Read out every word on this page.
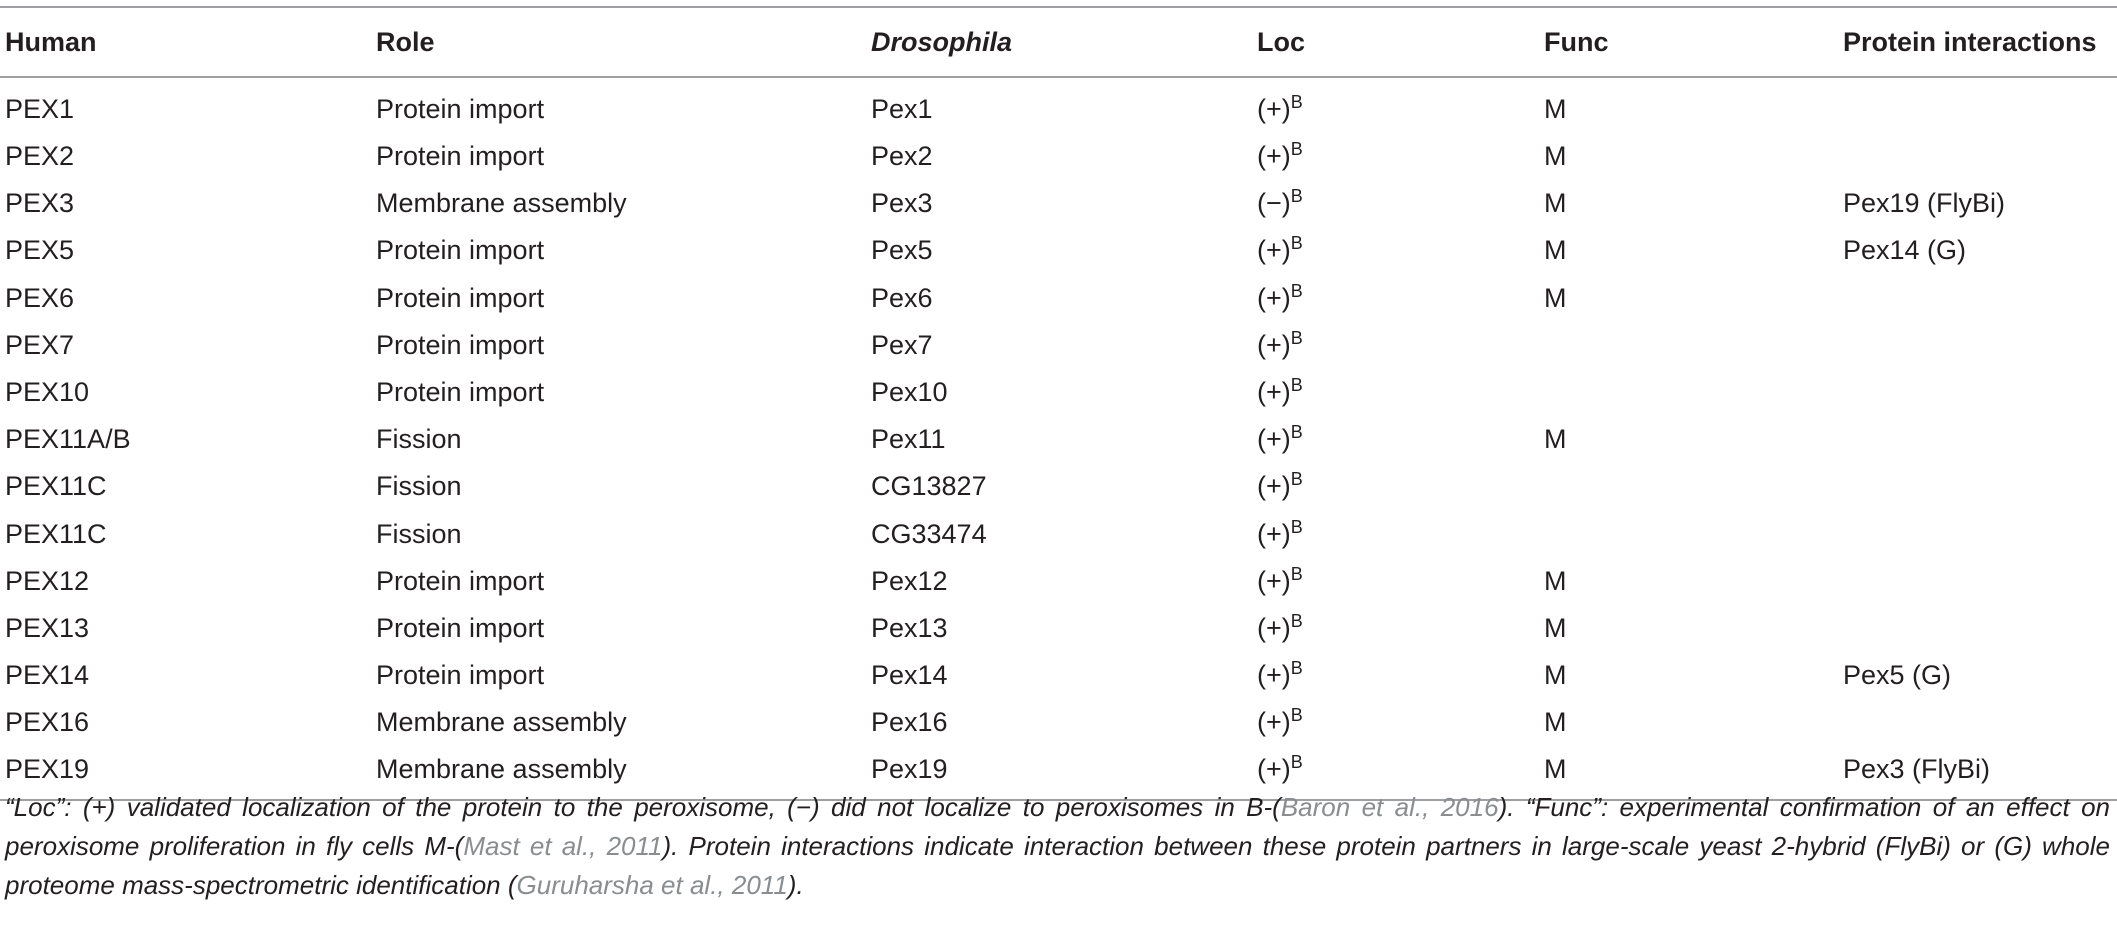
Human	Role	Drosophila	Loc	Func	Protein interactions
PEX1	Protein import	Pex1	$(+)^B$	M	
PEX2	Protein import	Pex2	$(+)^B$	M	
PEX3	Membrane assembly	Pex3	$(-)^B$	M	Pex19 (FlyBi)
PEX5	Protein import	Pex5	$(+)^B$	M	Pex14 (G)
PEX6	Protein import	Pex6	$(+)^B$	M	
PEX7	Protein import	Pex7	$(+)^B$		
PEX10	Protein import	Pex10	$(+)^B$		
PEX11A/B	Fission	Pex11	$(+)^B$	M	
PEX11C	Fission	CG13827	$(+)^B$		
PEX11C	Fission	CG33474	$(+)^B$		
PEX12	Protein import	Pex12	$(+)^B$	M	
PEX13	Protein import	Pex13	$(+)^B$	M	
PEX14	Protein import	Pex14	$(+)^B$	M	Pex5 (G)
PEX16	Membrane assembly	Pex16	$(+)^B$	M	
PEX19	Membrane assembly	Pex19	$(+)^B$	M	Pex3 (FlyBi)
“Loc”: (+) validated localization of the protein to the peroxisome, (−) did not localize to peroxisomes in B-(Baron et al., 2016). “Func”: experimental confirmation of an effect on peroxisome proliferation in fly cells M-(Mast et al., 2011). Protein interactions indicate interaction between these protein partners in large-scale yeast 2-hybrid (FlyBi) or (G) whole proteome mass-spectrometric identification (Guruharsha et al., 2011).
